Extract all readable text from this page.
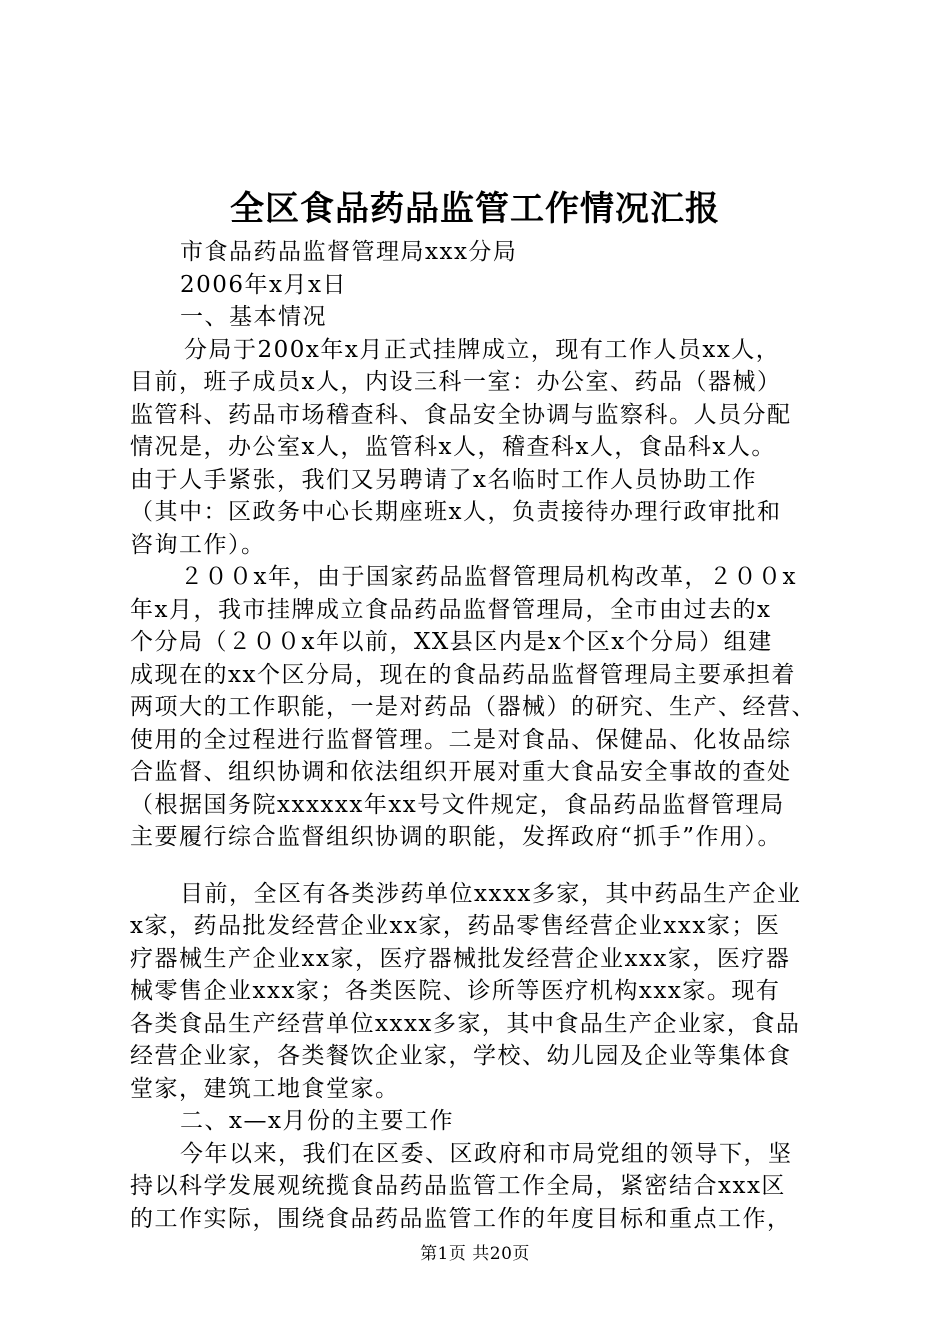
全区食品药品监管工作情况汇报
市食品药品监督管理局xxx分局
2006年x月x日
一、基本情况
分局于200x年x月正式挂牌成立，现有工作人员xx人，
目前，班子成员x人，内设三科一室：办公室、药品（器械）
监管科、药品市场稽查科、食品安全协调与监察科。人员分配
情况是，办公室x人，监管科x人，稽查科x人，食品科x人。
由于人手紧张，我们又另聘请了x名临时工作人员协助工作
（其中：区政务中心长期座班x人，负责接待办理行政审批和
咨询工作）。
２００x年，由于国家药品监督管理局机构改革，２００x
年x月，我市挂牌成立食品药品监督管理局，全市由过去的x
个分局（２００x年以前，XX县区内是x个区x个分局）组建
成现在的xx个区分局，现在的食品药品监督管理局主要承担着
两项大的工作职能，一是对药品（器械）的研究、生产、经营、
使用的全过程进行监督管理。二是对食品、保健品、化妆品综
合监督、组织协调和依法组织开展对重大食品安全事故的查处
（根据国务院xxxxxx年xx号文件规定，食品药品监督管理局
主要履行综合监督组织协调的职能，发挥政府“抓手”作用）。
目前，全区有各类涉药单位xxxx多家，其中药品生产企业
x家，药品批发经营企业xx家，药品零售经营企业xxx家；医
疗器械生产企业xx家，医疗器械批发经营企业xxx家，医疗器
械零售企业xxx家；各类医院、诊所等医疗机构xxx家。现有
各类食品生产经营单位xxxx多家，其中食品生产企业家，食品
经营企业家，各类餐饮企业家，学校、幼儿园及企业等集体食
堂家，建筑工地食堂家。
二、x—x月份的主要工作
今年以来，我们在区委、区政府和市局党组的领导下，坚
持以科学发展观统揽食品药品监管工作全局，紧密结合xxx区
的工作实际，围绕食品药品监管工作的年度目标和重点工作，
第1页 共20页
